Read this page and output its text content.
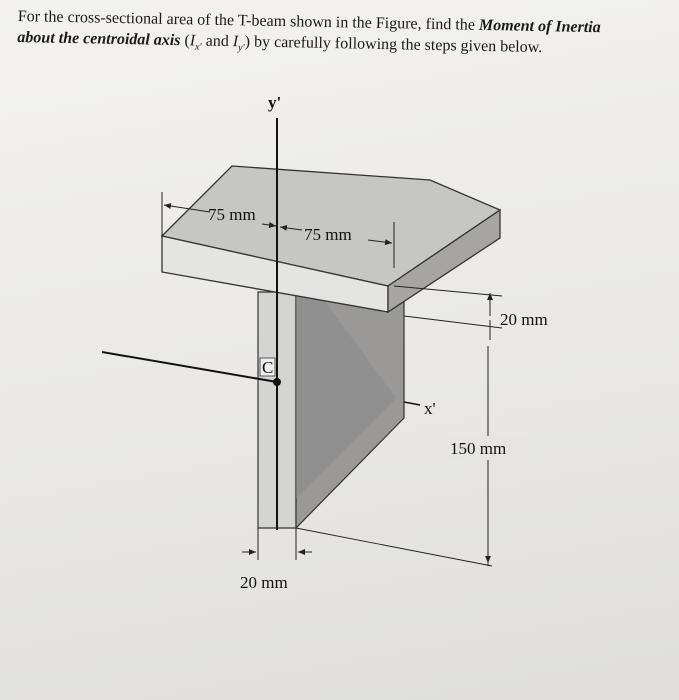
For the cross-sectional area of the T-beam shown in the Figure, find the Moment of Inertia
about the centroidal axis ($I_{x'}$ and $I_{y'}$) by carefully following the steps given below.
y'
x'
C
75 mm
75 mm
20 mm
150 mm
20 mm
